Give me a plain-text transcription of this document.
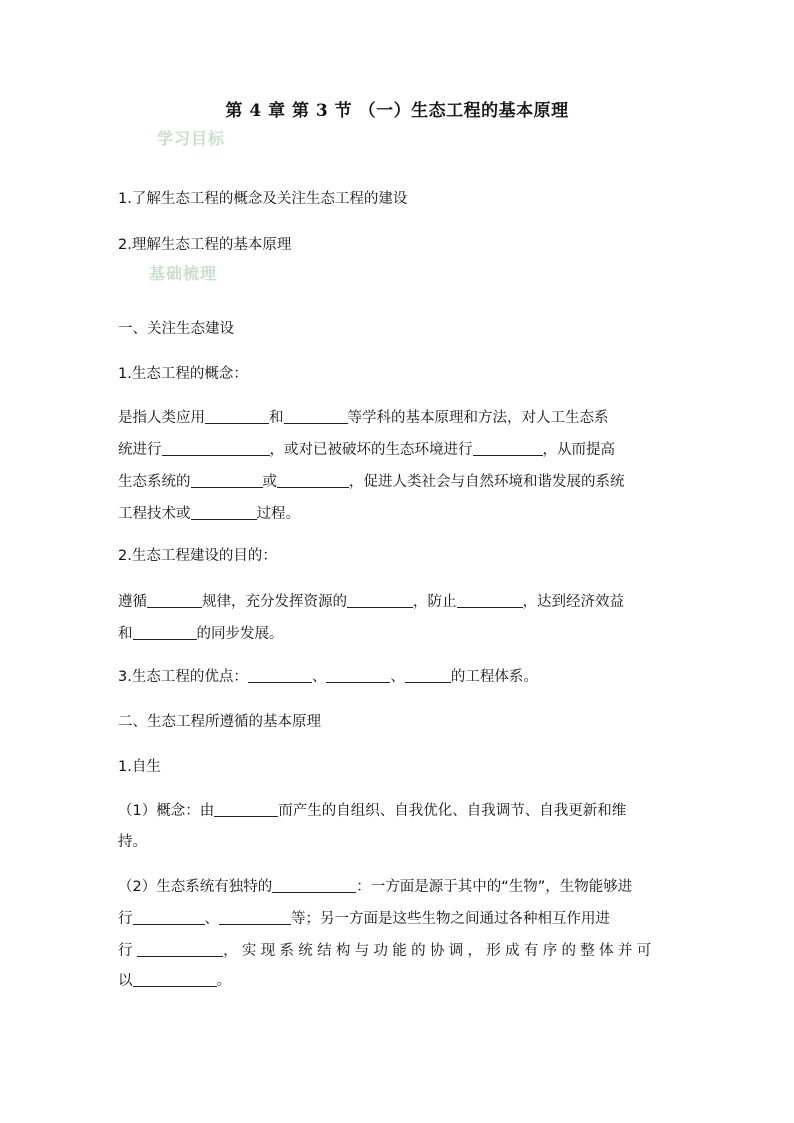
第 4 章 第 3 节 （一）生态工程的基本原理
学习目标
1.了解生态工程的概念及关注生态工程的建设
2.理解生态工程的基本原理
基础梳理
一、关注生态建设
1.生态工程的概念：
是指人类应用	和	等学科的基本原理和方法，对人工生态系
统进行	，或对已被破坏的生态环境进行	，从而提高
生态系统的	或	，促进人类社会与自然环境和谐发展的系统
工程技术或	过程。
2.生态工程建设的目的：
遵循	规律，充分发挥资源的	，防止	，达到经济效益
和	的同步发展。
3.生态工程的优点：	、	、	的工程体系。
二、生态工程所遵循的基本原理
1.自生
（1）概念：由	而产生的自组织、自我优化、自我调节、自我更新和维
持。
（2）生态系统有独特的	：一方面是源于其中的“生物”，生物能够进
行	、	等；另一方面是这些生物之间通过各种相互作用进
行	，实现系统结构与功能的协调，形成有序的整体并可
以	。
